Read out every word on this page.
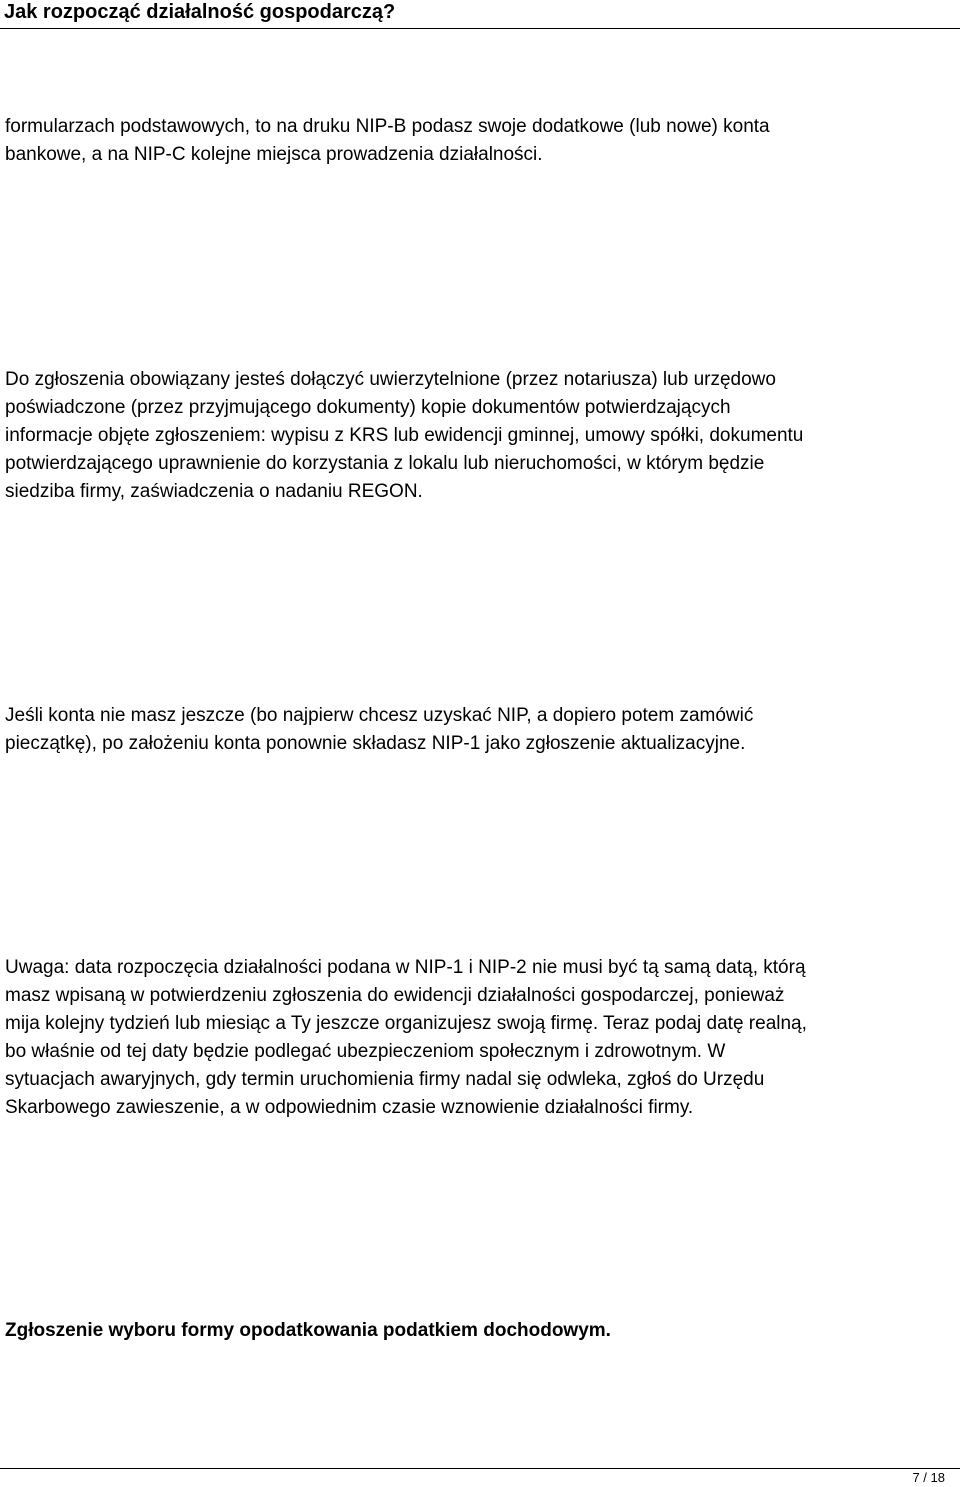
Jak rozpocząć działalność gospodarczą?
formularzach podstawowych, to na druku NIP-B podasz swoje dodatkowe (lub nowe) konta
bankowe, a na NIP-C kolejne miejsca prowadzenia działalności.
Do zgłoszenia obowiązany jesteś dołączyć uwierzytelnione (przez notariusza) lub urzędowo
poświadczone (przez przyjmującego dokumenty) kopie dokumentów potwierdzających
informacje objęte zgłoszeniem: wypisu z KRS lub ewidencji gminnej, umowy spółki, dokumentu
potwierdzającego uprawnienie do korzystania z lokalu lub nieruchomości, w którym będzie
siedziba firmy, zaświadczenia o nadaniu REGON.
Jeśli konta nie masz jeszcze (bo najpierw chcesz uzyskać NIP, a dopiero potem zamówić
pieczątkę), po założeniu konta ponownie składasz NIP-1 jako zgłoszenie aktualizacyjne.
Uwaga: data rozpoczęcia działalności podana w NIP-1 i NIP-2 nie musi być tą samą datą, którą
masz wpisaną w potwierdzeniu zgłoszenia do ewidencji działalności gospodarczej, ponieważ
mija kolejny tydzień lub miesiąc a Ty jeszcze organizujesz swoją firmę. Teraz podaj datę realną,
bo właśnie od tej daty będzie podlegać ubezpieczeniom społecznym i zdrowotnym. W
sytuacjach awaryjnych, gdy termin uruchomienia firmy nadal się odwleka, zgłoś do Urzędu
Skarbowego zawieszenie, a w odpowiednim czasie wznowienie działalności firmy.
Zgłoszenie wyboru formy opodatkowania podatkiem dochodowym.
7 / 18
